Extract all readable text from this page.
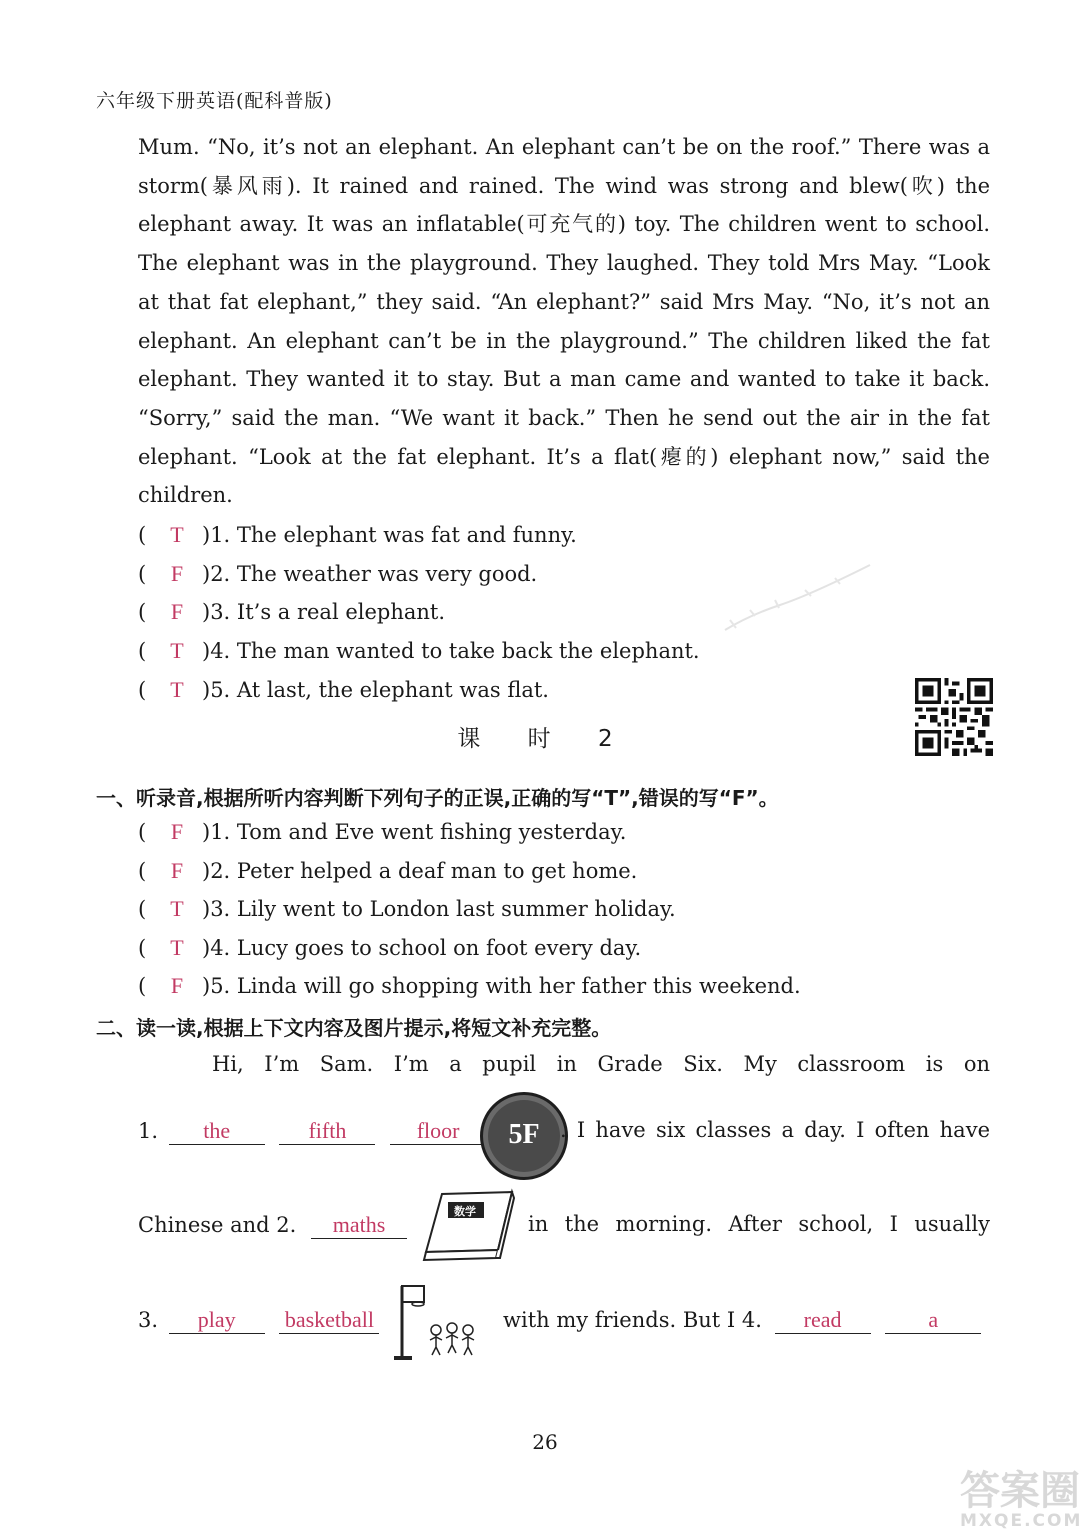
六年级下册英语(配科普版)

Mum. “No, it’s not an elephant. An elephant can’t be on the roof.” There was a storm(暴风雨). It rained and rained. The wind was strong and blew(吹) the elephant away. It was an inflatable(可充气的) toy. The children went to school. The elephant was in the playground. They laughed. They told Mrs May. “Look at that fat elephant,” they said. “An elephant?” said Mrs May. “No, it’s not an elephant. An elephant can’t be in the playground.” The children liked the fat elephant. They wanted it to stay. But a man came and wanted to take it back. “Sorry,” said the man. “We want it back.” Then he send out the air in the fat elephant. “Look at the fat elephant. It’s a flat(瘪的) elephant now,” said the children.

( T )1. The elephant was fat and funny.
( F )2. The weather was very good.
( F )3. It’s a real elephant.
( T )4. The man wanted to take back the elephant.
( T )5. At last, the elephant was flat.
课 时 2
一、听录音,根据所听内容判断下列句子的正误,正确的写“T”,错误的写“F”。
( F )1. Tom and Eve went fishing yesterday.
( F )2. Peter helped a deaf man to get home.
( T )3. Lily went to London last summer holiday.
( T )4. Lucy goes to school on foot every day.
( F )5. Linda will go shopping with her father this weekend.
二、读一读,根据上下文内容及图片提示,将短文补充完整。
Hi, I’m Sam. I’m a pupil in Grade Six. My classroom is on
1. the	fifth	floor	5F . I have six classes a day. I often have
Chinese and 2. maths
数学
in the morning. After school, I usually
3. play basketball	with my friends. But I 4. read	a
26
答案圈
MXQE.COM
